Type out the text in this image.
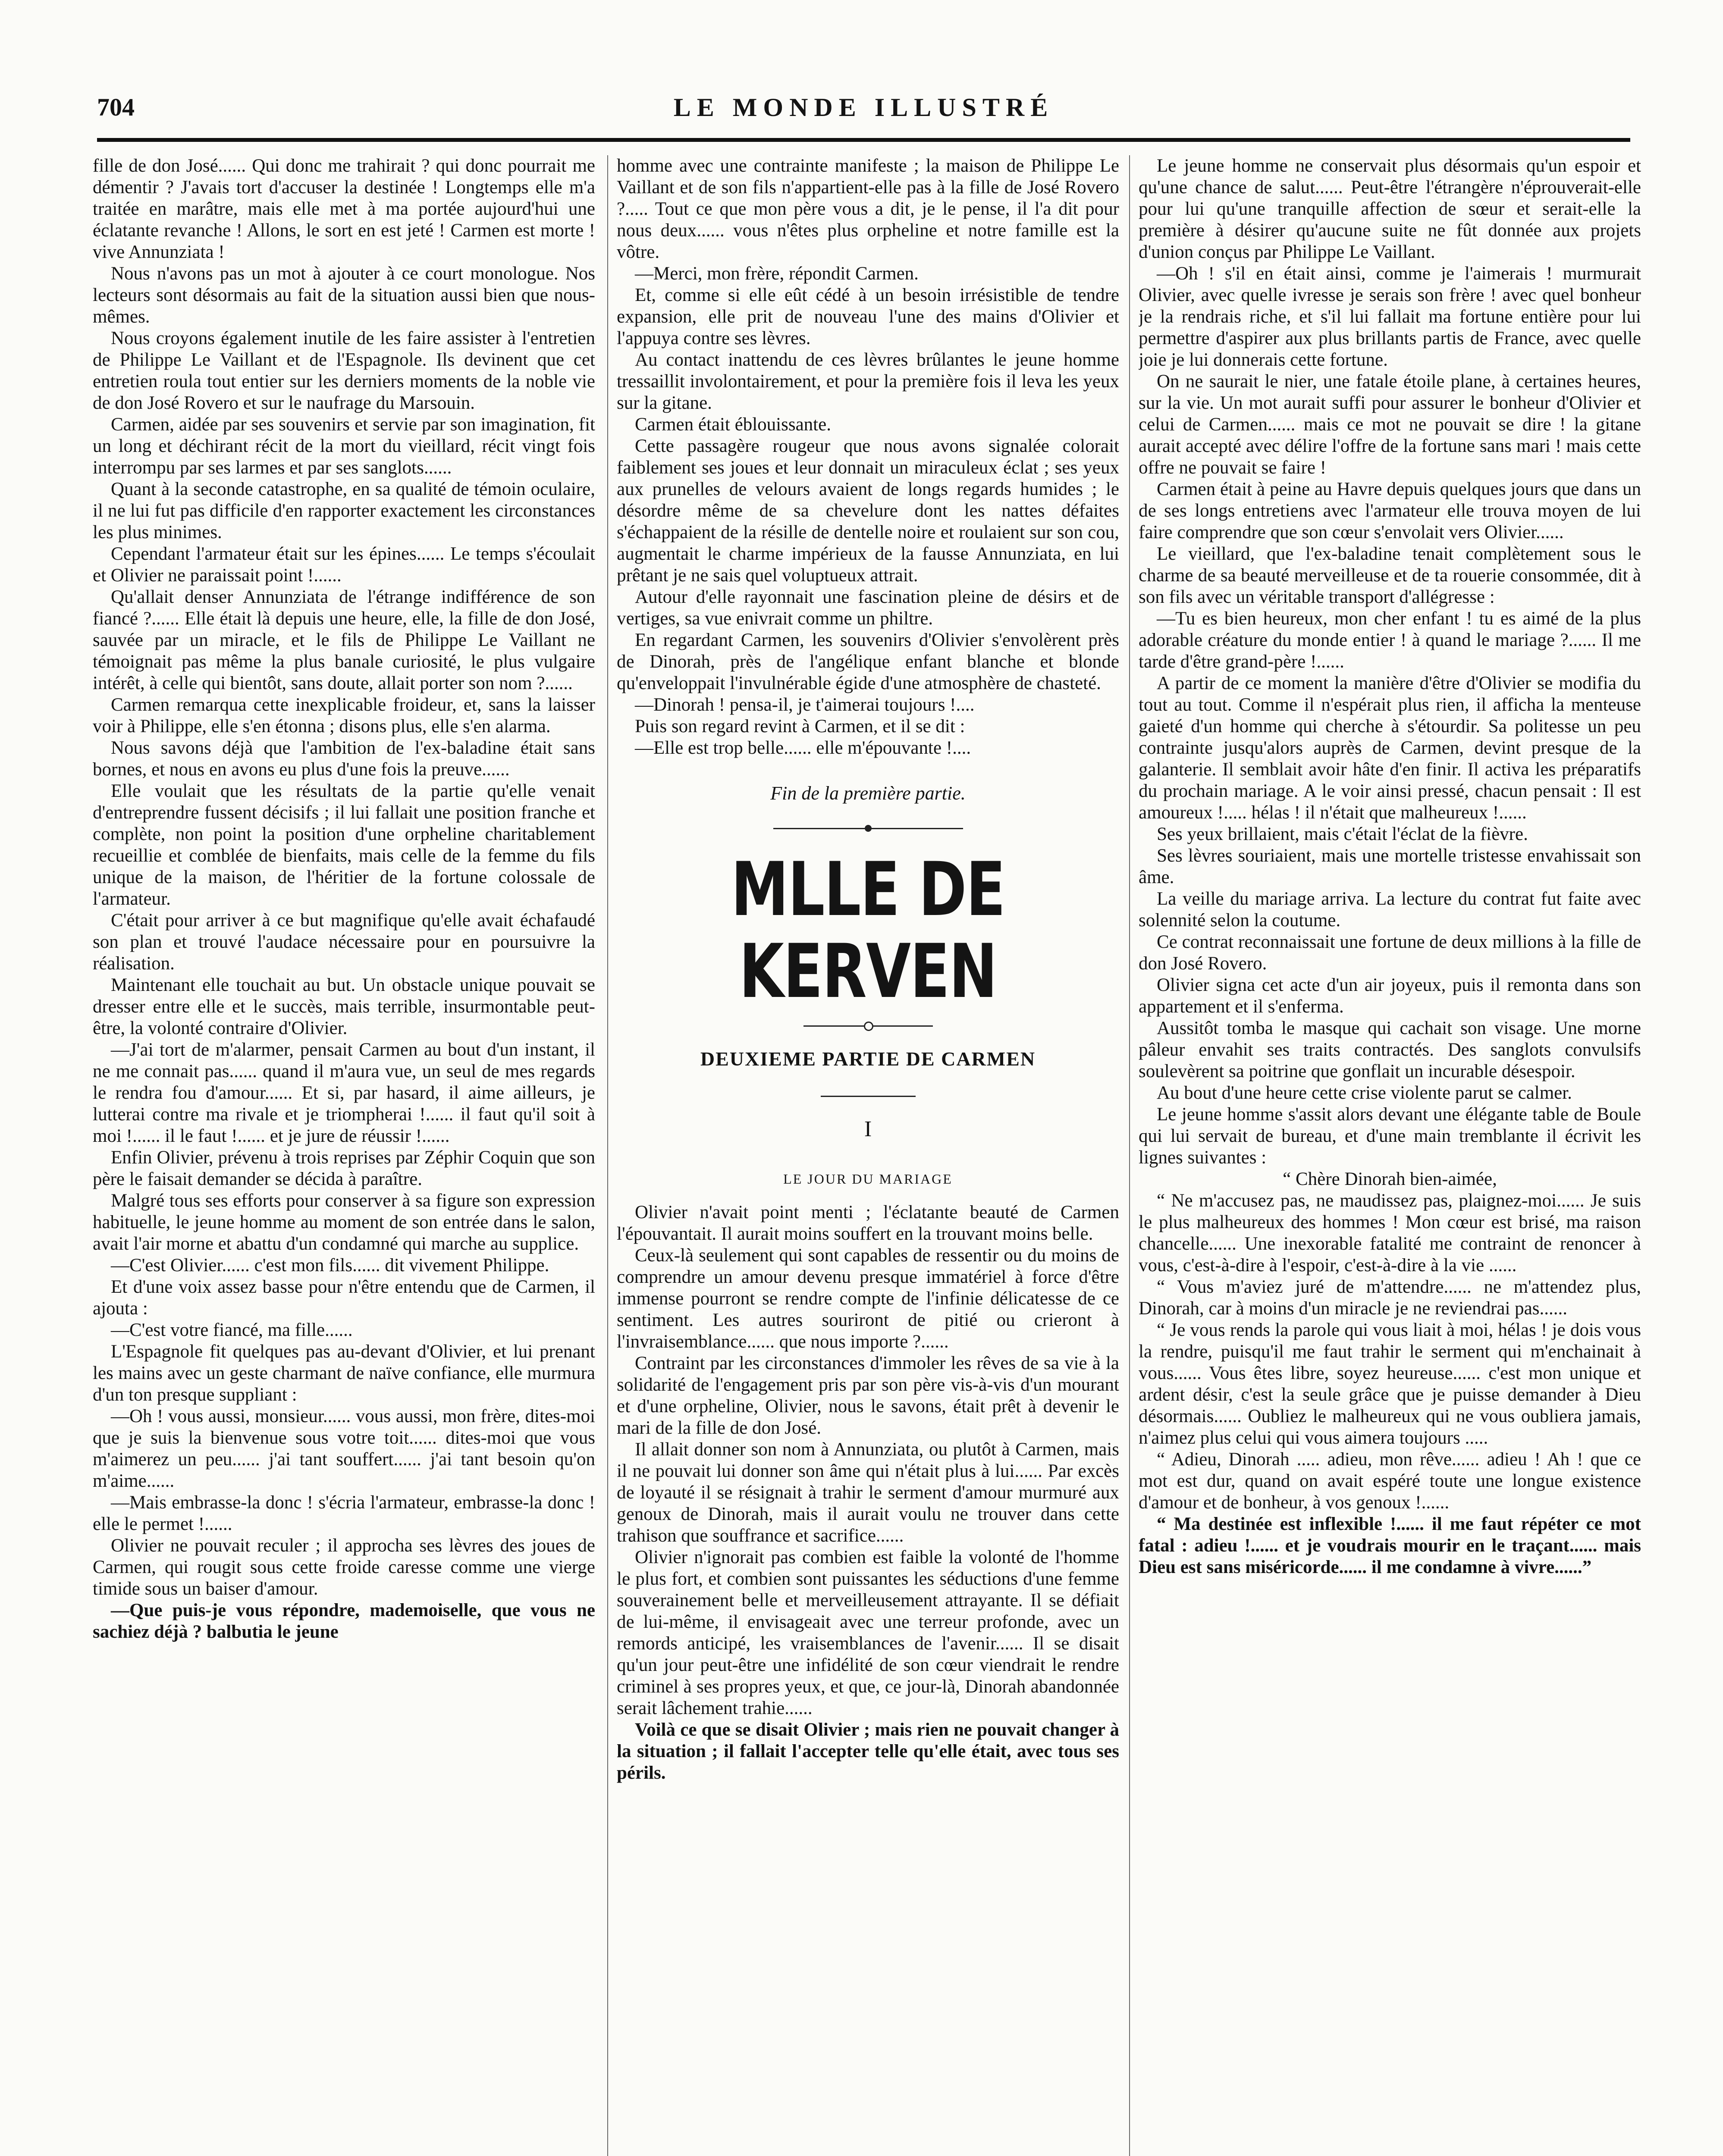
704	LE MONDE ILLUSTRÉ

fille de don José...... Qui donc me trahirait ? qui donc pourrait me démentir ? J'avais tort d'accuser la destinée ! Longtemps elle m'a traitée en marâtre, mais elle met à ma portée aujourd'hui une éclatante revanche ! Allons, le sort en est jeté ! Carmen est morte ! vive Annunziata !

Nous n'avons pas un mot à ajouter à ce court monologue. Nos lecteurs sont désormais au fait de la situation aussi bien que nous-mêmes.

Nous croyons également inutile de les faire assister à l'entretien de Philippe Le Vaillant et de l'Espagnole. Ils devinent que cet entretien roula tout entier sur les derniers moments de la noble vie de don José Rovero et sur le naufrage du Marsouin.

Carmen, aidée par ses souvenirs et servie par son imagination, fit un long et déchirant récit de la mort du vieillard, récit vingt fois interrompu par ses larmes et par ses sanglots......

Quant à la seconde catastrophe, en sa qualité de témoin oculaire, il ne lui fut pas difficile d'en rapporter exactement les circonstances les plus minimes.

Cependant l'armateur était sur les épines...... Le temps s'écoulait et Olivier ne paraissait point !......

Qu'allait denser Annunziata de l'étrange indifférence de son fiancé ?...... Elle était là depuis une heure, elle, la fille de don José, sauvée par un miracle, et le fils de Philippe Le Vaillant ne témoignait pas même la plus banale curiosité, le plus vulgaire intérêt, à celle qui bientôt, sans doute, allait porter son nom ?......

Carmen remarqua cette inexplicable froideur, et, sans la laisser voir à Philippe, elle s'en étonna ; disons plus, elle s'en alarma.

Nous savons déjà que l'ambition de l'ex-baladine était sans bornes, et nous en avons eu plus d'une fois la preuve......

Elle voulait que les résultats de la partie qu'elle venait d'entreprendre fussent décisifs ; il lui fallait une position franche et complète, non point la position d'une orpheline charitablement recueillie et comblée de bienfaits, mais celle de la femme du fils unique de la maison, de l'héritier de la fortune colossale de l'armateur.

C'était pour arriver à ce but magnifique qu'elle avait échafaudé son plan et trouvé l'audace nécessaire pour en poursuivre la réalisation.

Maintenant elle touchait au but. Un obstacle unique pouvait se dresser entre elle et le succès, mais terrible, insurmontable peut-être, la volonté contraire d'Olivier.

—J'ai tort de m'alarmer, pensait Carmen au bout d'un instant, il ne me connait pas...... quand il m'aura vue, un seul de mes regards le rendra fou d'amour...... Et si, par hasard, il aime ailleurs, je lutterai contre ma rivale et je triompherai !...... il faut qu'il soit à moi !...... il le faut !...... et je jure de réussir !......

Enfin Olivier, prévenu à trois reprises par Zéphir Coquin que son père le faisait demander se décida à paraître.

Malgré tous ses efforts pour conserver à sa figure son expression habituelle, le jeune homme au moment de son entrée dans le salon, avait l'air morne et abattu d'un condamné qui marche au supplice.

—C'est Olivier...... c'est mon fils...... dit vivement Philippe.

Et d'une voix assez basse pour n'être entendu que de Carmen, il ajouta :

—C'est votre fiancé, ma fille......

L'Espagnole fit quelques pas au-devant d'Olivier, et lui prenant les mains avec un geste charmant de naïve confiance, elle murmura d'un ton presque suppliant :

—Oh ! vous aussi, monsieur...... vous aussi, mon frère, dites-moi que je suis la bienvenue sous votre toit...... dites-moi que vous m'aimerez un peu...... j'ai tant souffert...... j'ai tant besoin qu'on m'aime......

—Mais embrasse-la donc ! s'écria l'armateur, embrasse-la donc ! elle le permet !......

Olivier ne pouvait reculer ; il approcha ses lèvres des joues de Carmen, qui rougit sous cette froide caresse comme une vierge timide sous un baiser d'amour.

—Que puis-je vous répondre, mademoiselle, que vous ne sachiez déjà ? balbutia le jeune

homme avec une contrainte manifeste ; la maison de Philippe Le Vaillant et de son fils n'appartient-elle pas à la fille de José Rovero ?..... Tout ce que mon père vous a dit, je le pense, il l'a dit pour nous deux...... vous n'êtes plus orpheline et notre famille est la vôtre.

—Merci, mon frère, répondit Carmen.

Et, comme si elle eût cédé à un besoin irrésistible de tendre expansion, elle prit de nouveau l'une des mains d'Olivier et l'appuya contre ses lèvres.

Au contact inattendu de ces lèvres brûlantes le jeune homme tressaillit involontairement, et pour la première fois il leva les yeux sur la gitane.

Carmen était éblouissante.

Cette passagère rougeur que nous avons signalée colorait faiblement ses joues et leur donnait un miraculeux éclat ; ses yeux aux prunelles de velours avaient de longs regards humides ; le désordre même de sa chevelure dont les nattes défaites s'échappaient de la résille de dentelle noire et roulaient sur son cou, augmentait le charme impérieux de la fausse Annunziata, en lui prêtant je ne sais quel voluptueux attrait.

Autour d'elle rayonnait une fascination pleine de désirs et de vertiges, sa vue enivrait comme un philtre.

En regardant Carmen, les souvenirs d'Olivier s'envolèrent près de Dinorah, près de l'angélique enfant blanche et blonde qu'enveloppait l'invulnérable égide d'une atmosphère de chasteté.

—Dinorah ! pensa-il, je t'aimerai toujours !....

Puis son regard revint à Carmen, et il se dit :

—Elle est trop belle...... elle m'épouvante !....

Fin de la première partie.
MLLE DE KERVEN
DEUXIEME PARTIE DE CARMEN
I
LE JOUR DU MARIAGE

Olivier n'avait point menti ; l'éclatante beauté de Carmen l'épouvantait. Il aurait moins souffert en la trouvant moins belle.

Ceux-là seulement qui sont capables de ressentir ou du moins de comprendre un amour devenu presque immatériel à force d'être immense pourront se rendre compte de l'infinie délicatesse de ce sentiment. Les autres souriront de pitié ou crieront à l'invraisemblance...... que nous importe ?......

Contraint par les circonstances d'immoler les rêves de sa vie à la solidarité de l'engagement pris par son père vis-à-vis d'un mourant et d'une orpheline, Olivier, nous le savons, était prêt à devenir le mari de la fille de don José.

Il allait donner son nom à Annunziata, ou plutôt à Carmen, mais il ne pouvait lui donner son âme qui n'était plus à lui...... Par excès de loyauté il se résignait à trahir le serment d'amour murmuré aux genoux de Dinorah, mais il aurait voulu ne trouver dans cette trahison que souffrance et sacrifice......

Olivier n'ignorait pas combien est faible la volonté de l'homme le plus fort, et combien sont puissantes les séductions d'une femme souverainement belle et merveilleusement attrayante. Il se défiait de lui-même, il envisageait avec une terreur profonde, avec un remords anticipé, les vraisemblances de l'avenir...... Il se disait qu'un jour peut-être une infidélité de son cœur viendrait le rendre criminel à ses propres yeux, et que, ce jour-là, Dinorah abandonnée serait lâchement trahie......

Voilà ce que se disait Olivier ; mais rien ne pouvait changer à la situation ; il fallait l'accepter telle qu'elle était, avec tous ses périls.

Le jeune homme ne conservait plus désormais qu'un espoir et qu'une chance de salut...... Peut-être l'étrangère n'éprouverait-elle pour lui qu'une tranquille affection de sœur et serait-elle la première à désirer qu'aucune suite ne fût donnée aux projets d'union conçus par Philippe Le Vaillant.

—Oh ! s'il en était ainsi, comme je l'aimerais ! murmurait Olivier, avec quelle ivresse je serais son frère ! avec quel bonheur je la rendrais riche, et s'il lui fallait ma fortune entière pour lui permettre d'aspirer aux plus brillants partis de France, avec quelle joie je lui donnerais cette fortune.

On ne saurait le nier, une fatale étoile plane, à certaines heures, sur la vie. Un mot aurait suffi pour assurer le bonheur d'Olivier et celui de Carmen...... mais ce mot ne pouvait se dire ! la gitane aurait accepté avec délire l'offre de la fortune sans mari ! mais cette offre ne pouvait se faire !

Carmen était à peine au Havre depuis quelques jours que dans un de ses longs entretiens avec l'armateur elle trouva moyen de lui faire comprendre que son cœur s'envolait vers Olivier......

Le vieillard, que l'ex-baladine tenait complètement sous le charme de sa beauté merveilleuse et de ta rouerie consommée, dit à son fils avec un véritable transport d'allégresse :

—Tu es bien heureux, mon cher enfant ! tu es aimé de la plus adorable créature du monde entier ! à quand le mariage ?...... Il me tarde d'être grand-père !......

A partir de ce moment la manière d'être d'Olivier se modifia du tout au tout. Comme il n'espérait plus rien, il afficha la menteuse gaieté d'un homme qui cherche à s'étourdir. Sa politesse un peu contrainte jusqu'alors auprès de Carmen, devint presque de la galanterie. Il semblait avoir hâte d'en finir. Il activa les préparatifs du prochain mariage. A le voir ainsi pressé, chacun pensait : Il est amoureux !..... hélas ! il n'était que malheureux !......

Ses yeux brillaient, mais c'était l'éclat de la fièvre.

Ses lèvres souriaient, mais une mortelle tristesse envahissait son âme.

La veille du mariage arriva. La lecture du contrat fut faite avec solennité selon la coutume.

Ce contrat reconnaissait une fortune de deux millions à la fille de don José Rovero.

Olivier signa cet acte d'un air joyeux, puis il remonta dans son appartement et il s'enferma.

Aussitôt tomba le masque qui cachait son visage. Une morne pâleur envahit ses traits contractés. Des sanglots convulsifs soulevèrent sa poitrine que gonflait un incurable désespoir.

Au bout d'une heure cette crise violente parut se calmer.

Le jeune homme s'assit alors devant une élégante table de Boule qui lui servait de bureau, et d'une main tremblante il écrivit les lignes suivantes :

“ Chère Dinorah bien-aimée,

“ Ne m'accusez pas, ne maudissez pas, plaignez-moi...... Je suis le plus malheureux des hommes ! Mon cœur est brisé, ma raison chancelle...... Une inexorable fatalité me contraint de renoncer à vous, c'est-à-dire à l'espoir, c'est-à-dire à la vie ......

“ Vous m'aviez juré de m'attendre...... ne m'attendez plus, Dinorah, car à moins d'un miracle je ne reviendrai pas......

“ Je vous rends la parole qui vous liait à moi, hélas ! je dois vous la rendre, puisqu'il me faut trahir le serment qui m'enchainait à vous...... Vous êtes libre, soyez heureuse...... c'est mon unique et ardent désir, c'est la seule grâce que je puisse demander à Dieu désormais...... Oubliez le malheureux qui ne vous oubliera jamais, n'aimez plus celui qui vous aimera toujours .....

“ Adieu, Dinorah ..... adieu, mon rêve...... adieu ! Ah ! que ce mot est dur, quand on avait espéré toute une longue existence d'amour et de bonheur, à vos genoux !......

“ Ma destinée est inflexible !...... il me faut répéter ce mot fatal : adieu !...... et je voudrais mourir en le traçant...... mais Dieu est sans miséricorde...... il me condamne à vivre......”
